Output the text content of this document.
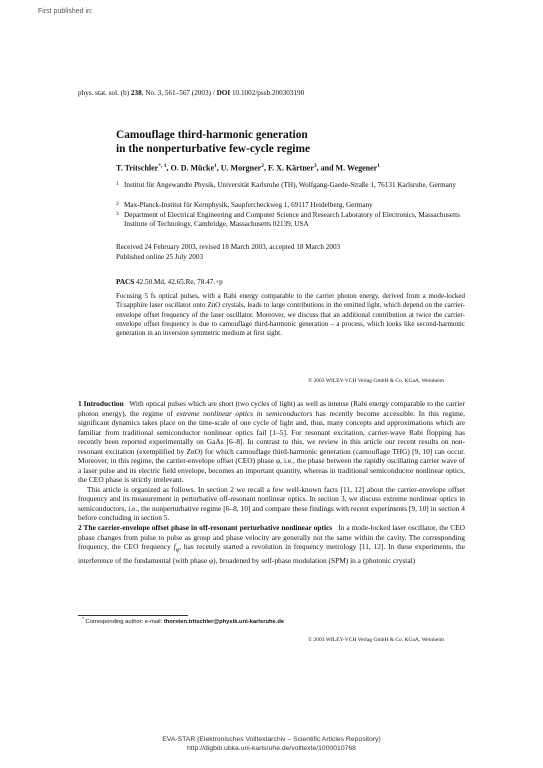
First published in:
phys. stat. sol. (b) 238, No. 3, 561–567 (2003) / DOI 10.1002/pssb.200303190
Camouflage third-harmonic generation
in the nonperturbative few-cycle regime
T. Tritschler$^{*, 1}$, O. D. Mücke$^1$, U. Morgner$^2$, F. X. Kärtner$^3$, and M. Wegener$^1$
1 Institut für Angewandte Physik, Universität Karlsruhe (TH), Wolfgang-Gaede-Straße 1, 76131 Karlsruhe, Germany
2 Max-Planck-Institut für Kernphysik, Saupfercheckweg 1, 69117 Heidelberg, Germany
3 Department of Electrical Engineering and Computer Science and Research Laboratory of Electronics, Massachusetts Institute of Technology, Cambridge, Massachusetts 02139, USA
Received 24 February 2003, revised 18 March 2003, accepted 18 March 2003
Published online 25 July 2003
PACS 42.50.Md, 42.65.Re, 78.47.+p
Focusing 5 fs optical pulses, with a Rabi energy comparable to the carrier photon energy, derived from a mode-locked Ti:sapphire laser oscillator onto ZnO crystals, leads to large contributions in the emitted light, which depend on the carrier-envelope offset frequency of the laser oscillator. Moreover, we discuss that an additional contribution at twice the carrier-envelope offset frequency is due to camouflage third-harmonic generation – a process, which looks like second-harmonic generation in an inversion symmetric medium at first sight.
© 2003 WILEY-VCH Verlag GmbH & Co. KGaA, Weinheim

1 Introduction With optical pulses which are short (two cycles of light) as well as intense (Rabi energy comparable to the carrier photon energy), the regime of extreme nonlinear optics in semiconductors has recently become accessible. In this regime, significant dynamics takes place on the time-scale of one cycle of light and, thus, many concepts and approximations which are familiar from traditional semiconductor nonlinear optics fail [1–5]. For resonant excitation, carrier-wave Rabi flopping has recently been reported experimentally on GaAs [6–8]. In contrast to this, we review in this article our recent results on non-resonant excitation (exemplified by ZnO) for which camouflage third-harmonic generation (camouflage THG) [9, 10] can occur. Moreover, in this regime, the carrier-envelope offset (CEO) phase φ, i.e., the phase between the rapidly oscillating carrier wave of a laser pulse and its electric field envelope, becomes an important quantity, whereas in traditional semiconductor nonlinear optics, the CEO phase is strictly irrelevant.

This article is organized as follows. In section 2 we recall a few well-known facts [11, 12] about the carrier-envelope offset frequency and its measurement in perturbative off-resonant nonlinear optics. In section 3, we discuss extreme nonlinear optics in semiconductors, i.e., the nonperturbative regime [6–8, 10] and compare these findings with recent experiments [9, 10] in section 4 before concluding in section 5.

2 The carrier-envelope offset phase in off-resonant perturbative nonlinear optics In a mode-locked laser oscillator, the CEO phase changes from pulse to pulse as group and phase velocity are generally not the same within the cavity. The corresponding frequency, the CEO frequency $f_\varphi$, has recently started a revolution in frequency metrology [11, 12]. In these experiments, the interference of the fundamental (with phase φ), broadened by self-phase modulation (SPM) in a (photonic crystal)

* Corresponding author: e-mail: thorsten.tritschler@physik.uni-karlsruhe.de
© 2003 WILEY-VCH Verlag GmbH & Co. KGaA, Weinheim
EVA-STAR (Elektronisches Volltextarchiv – Scientific Articles Repository)
http://digbib.ubka.uni-karlsruhe.de/volltexte/1000010768
